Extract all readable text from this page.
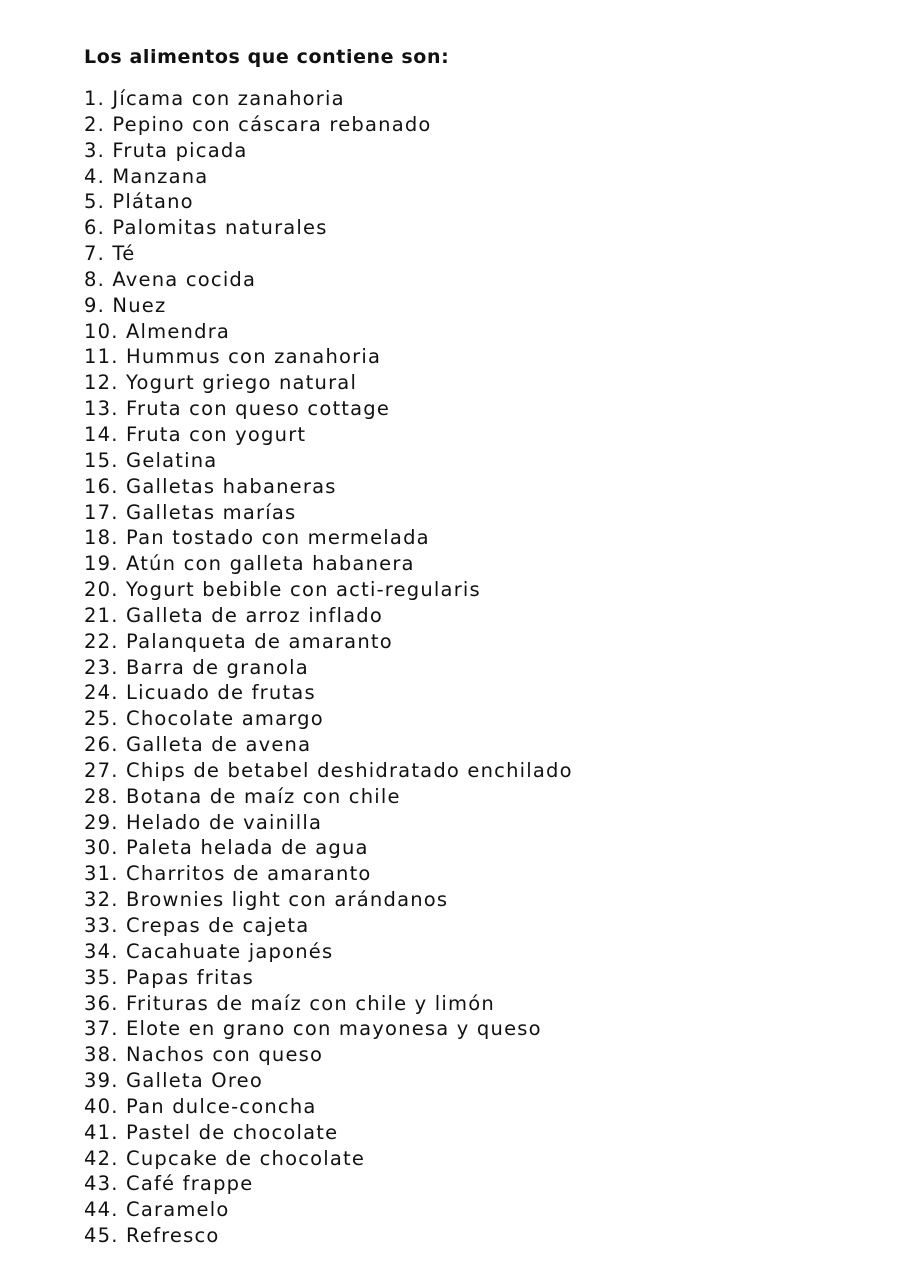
Los alimentos que contiene son:
1. Jícama con zanahoria
2. Pepino con cáscara rebanado
3. Fruta picada
4. Manzana
5. Plátano
6. Palomitas naturales
7. Té
8. Avena cocida
9. Nuez
10. Almendra
11. Hummus con zanahoria
12. Yogurt griego natural
13. Fruta con queso cottage
14. Fruta con yogurt
15. Gelatina
16. Galletas habaneras
17. Galletas marías
18. Pan tostado con mermelada
19. Atún con galleta habanera
20. Yogurt bebible con acti-regularis
21. Galleta de arroz inflado
22. Palanqueta de amaranto
23. Barra de granola
24. Licuado de frutas
25. Chocolate amargo
26. Galleta de avena
27. Chips de betabel deshidratado enchilado
28. Botana de maíz con chile
29. Helado de vainilla
30. Paleta helada de agua
31. Charritos de amaranto
32. Brownies light con arándanos
33. Crepas de cajeta
34. Cacahuate japonés
35. Papas fritas
36. Frituras de maíz con chile y limón
37. Elote en grano con mayonesa y queso
38. Nachos con queso
39. Galleta Oreo
40. Pan dulce-concha
41. Pastel de chocolate
42. Cupcake de chocolate
43. Café frappe
44. Caramelo
45. Refresco
